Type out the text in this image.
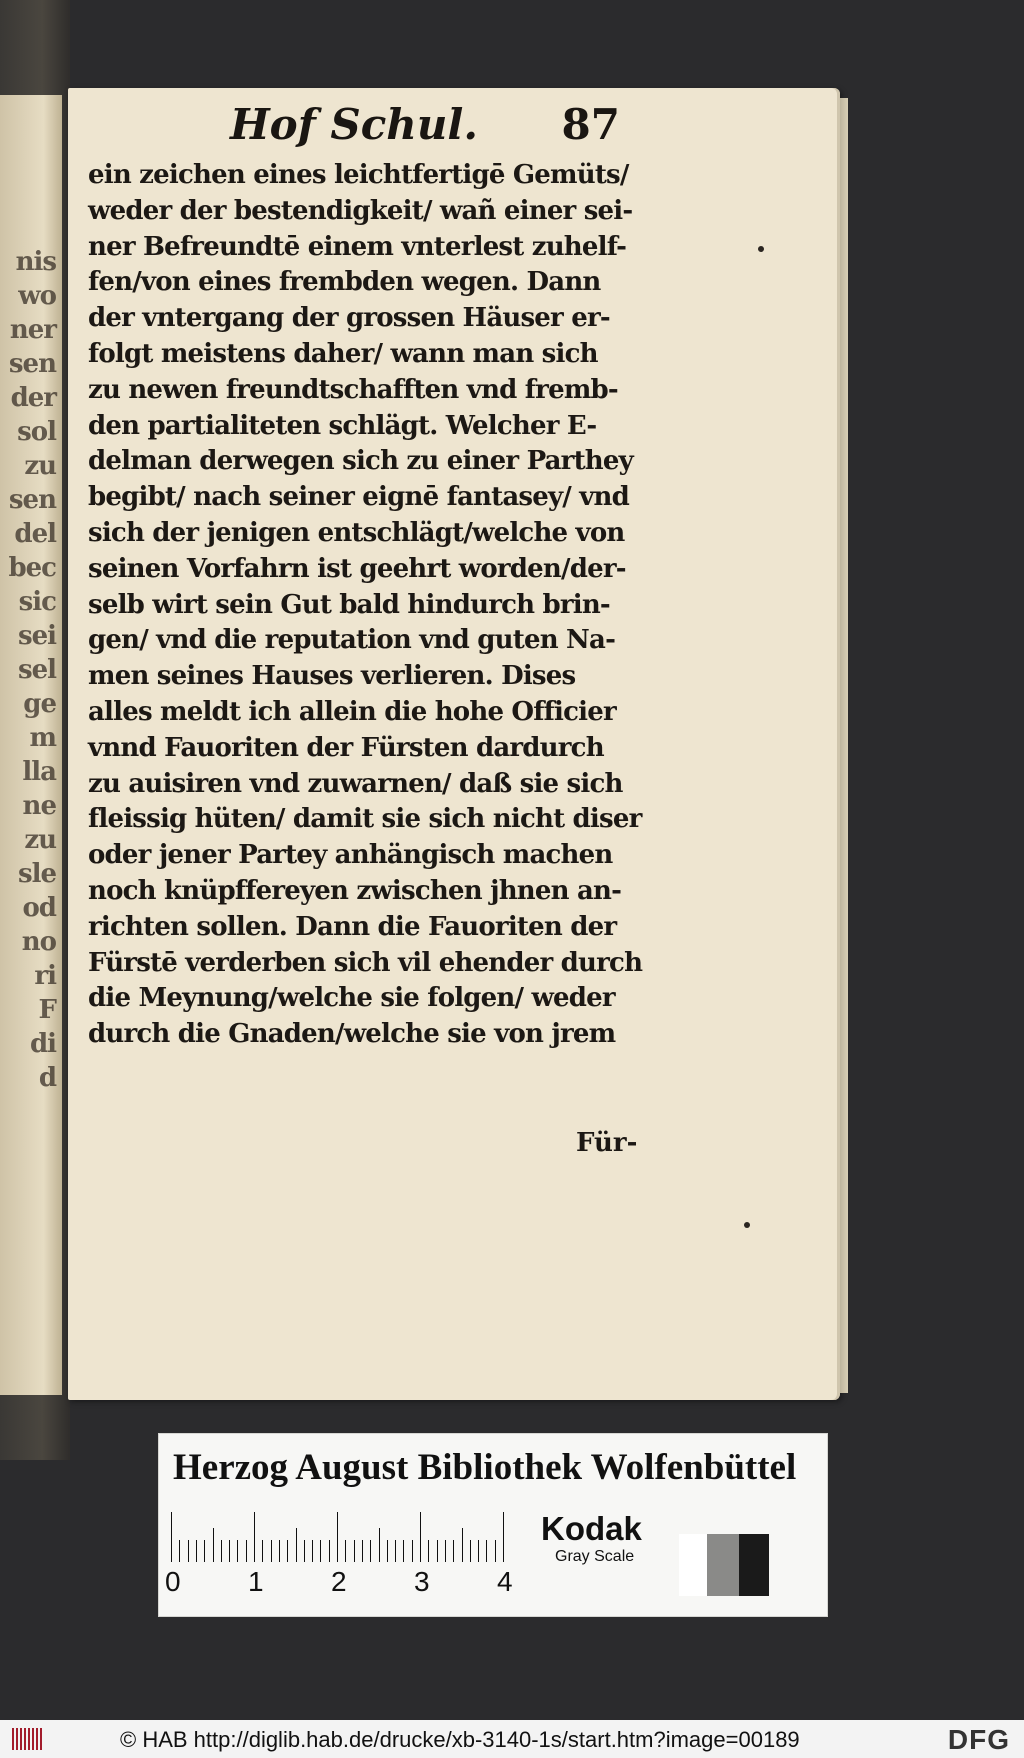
nis
wo
ner
sen
der
sol
zu
sen
del
bec
sic
sei
sel
ge
m
lla
ne
zu
sle
od
no
ri
F
di
d
Hof Schul. 87
ein zeichen eines leichtfertigē Gemüts/
weder der bestendigkeit/ wañ einer sei-
ner Befreundtē einem vnterlest zuhelf-
fen/von eines frembden wegen. Dann
der vntergang der grossen Häuser er-
folgt meistens daher/ wann man sich
zu newen freundtschafften vnd fremb-
den partialiteten schlägt. Welcher E-
delman derwegen sich zu einer Parthey
begibt/ nach seiner eignē fantasey/ vnd
sich der jenigen entschlägt/welche von
seinen Vorfahrn ist geehrt worden/der-
selb wirt sein Gut bald hindurch brin-
gen/ vnd die reputation vnd guten Na-
men seines Hauses verlieren. Dises
alles meldt ich allein die hohe Officier
vnnd Fauoriten der Fürsten dardurch
zu auisiren vnd zuwarnen/ daß sie sich
fleissig hüten/ damit sie sich nicht diser
oder jener Partey anhängisch machen
noch knüpffereyen zwischen jhnen an-
richten sollen. Dann die Fauoriten der
Fürstē verderben sich vil ehender durch
die Meynung/welche sie folgen/ weder
durch die Gnaden/welche sie von jrem
Für-
Herzog August Bibliothek Wolfenbüttel
Kodak
Gray Scale
0 1 2 3 4
© HAB http://diglib.hab.de/drucke/xb-3140-1s/start.htm?image=00189	DFG
